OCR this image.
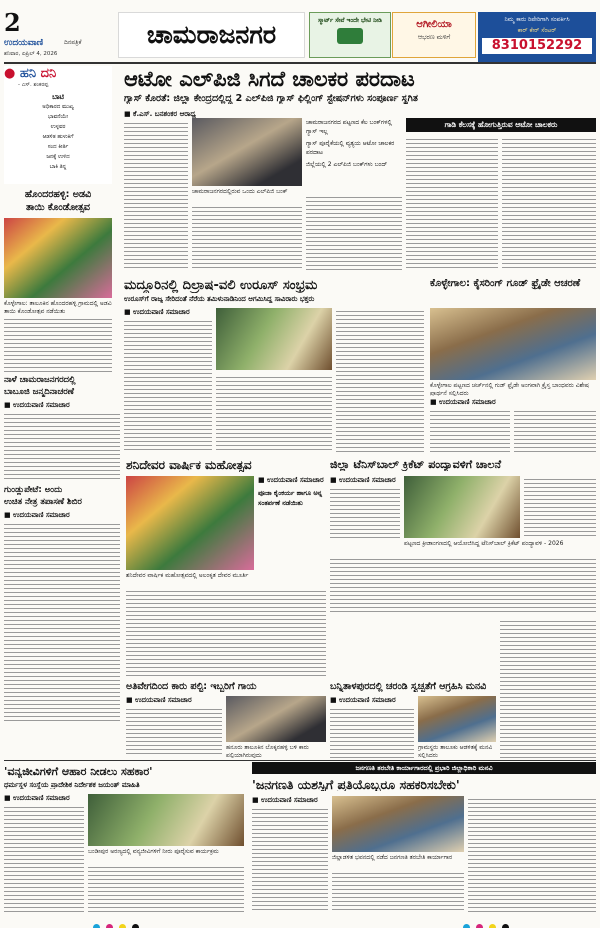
2
ಉದಯವಾಣಿ	ದಿನಪತ್ರಿಕೆ
ಶನಿವಾರ, ಏಪ್ರಿಲ್ 4, 2026
ಚಾಮರಾಜನಗರ	ಸ್ಮಾರ್ಟ್ ಸೇವೆ ಇಂದೇ ಭೇಟಿ ನೀಡಿ	ಆಗೀಲಿಯಾ
ಆಭರಣ ಮಳಿಗೆ
ನಿಮ್ಮ ಕಾರು ರಿಪೇರಿಗಾಗಿ ಸಂಪರ್ಕಿಸಿ
ಕಾರ್ ಕೇರ್ ಸೆಂಟರ್
8310152292
● ಹನಿ ದನಿ
- ಎಸ್. ಶಂಕರಪ್ಪ
ಬಾಟಿ
ಅಧಿಕಾರದ ಮುಖ್ಯ
ಭಾವನೆಯೇ
ಉಳ್ಳವರ
ಆಡಳಿತ ಹುಳುಕಿಗೆ
ಸಂದ ಕೀರ್ತಿ
ಜನಕ್ಕೆ ಉಳಿದ
ಬಾಕಿ ತಿನ್ನ
ಹೊಂದರಹಳ್ಳಿ: ಅಡವಿ
ತಾಯಿ ಕೊಂಡೋತ್ಸವ
ಕೊಳ್ಳೇಗಾಲ: ತಾಲೂಕಿನ ಹೊಂದರಹಳ್ಳಿ ಗ್ರಾಮದಲ್ಲಿ ಅಡವಿ ತಾಯಿ ಕೊಂಡೋತ್ಸವ ನಡೆಯಿತು
ನಾಳೆ ಚಾಮರಾಜನಗರದಲ್ಲಿ
ಬಾಬೂಜಿ ಜನ್ಮದಿನಾಚರಣೆ
■ ಉದಯವಾಣಿ ಸಮಾಚಾರ
ಶನಿದೇವರ ವಾರ್ಷಿಕ ಮಹೋತ್ಸವ
■ ಉದಯವಾಣಿ ಸಮಾಚಾರ
ಪೂಜಾ ಕೈಂಕರ್ಯ ಹಾಗೂ ಅನ್ನ ಸಂತರ್ಪಣೆ ನಡೆಯಿತು
ಶನಿದೇವರ ವಾರ್ಷಿಕ ಮಹೋತ್ಸವದಲ್ಲಿ ಅಲಂಕೃತ ದೇವರ ಮೂರ್ತಿ
ಗುಂಡ್ಲುಪೇಟೆ: ಅಂದು
ಉಚಿತ ನೇತ್ರ ತಪಾಸಣೆ ಶಿಬಿರ
■ ಉದಯವಾಣಿ ಸಮಾಚಾರ
ಆಟೋ ಎಲ್‌ಪಿಜಿ ಸಿಗದೆ ಚಾಲಕರ ಪರದಾಟ
ಗ್ಯಾಸ್ ಕೊರತೆ: ಜಿಲ್ಲಾ ಕೇಂದ್ರದಲ್ಲಿದ್ದ 2 ಎಲ್‌ಪಿಜಿ ಗ್ಯಾಸ್ ಫಿಲ್ಲಿಂಗ್ ಸ್ಟೇಷನ್‌ಗಳು ಸಂಪೂರ್ಣ ಸ್ಥಗಿತ
■ ಕೆ.ಎಸ್. ಬನಶಂಕರ ಆರಾಧ್ಯ
ಚಾಮರಾಜನಗರದಲ್ಲಿರುವ ಒಂದು ಎಲ್‌ಪಿಜಿ ಬಂಕ್
ಚಾಮರಾಜನಗರದ ಪಟ್ಟಣದ ಕೆಲ ಬಂಕ್‌ಗಳಲ್ಲಿ ಗ್ಯಾಸ್ ಇಲ್ಲ
ಗ್ಯಾಸ್ ಪೂರೈಕೆಯಲ್ಲಿ ವ್ಯತ್ಯಯ ಆಟೋ ಚಾಲಕರ ಪರದಾಟ
ಜಿಲ್ಲೆಯಲ್ಲಿ 2 ಎಲ್‌ಪಿಜಿ ಬಂಕ್‌ಗಳು ಬಂದ್
ಗಾಡಿ ಕೆಲಸಕ್ಕೆ ಹೋಗುತ್ತಿರುವ ಆಟೋ ಚಾಲಕರು
ಮದ್ದೂರಿನಲ್ಲಿ ದಿಲ್ರಾಷ-ವಲಿ ಉರೂಸ್ ಸಂಭ್ರಮ
ಉರೂಸ್‌ಗೆ ರಾಜ್ಯ ಸೇರಿದಂತೆ ನೆರೆಯ ತಮಿಳುನಾಡಿನಿಂದ ಆಗಮಿಸಿದ್ದ ಸಾವಿರಾರು ಭಕ್ತರು
■ ಉದಯವಾಣಿ ಸಮಾಚಾರ
ಕೊಳ್ಳೇಗಾಲ: ಕೈಸರಿಂಗ್ ಗೂಡ್ ಫ್ರೈಡೇ ಆಚರಣೆ
ಕೊಳ್ಳೇಗಾಲ ಪಟ್ಟಣದ ಚರ್ಚ್‌ನಲ್ಲಿ ಗುಡ್ ಫ್ರೈಡೇ ಅಂಗವಾಗಿ ಕ್ರೈಸ್ತ ಬಾಂಧವರು ವಿಶೇಷ ಪ್ರಾರ್ಥನೆ ಸಲ್ಲಿಸಿದರು
■ ಉದಯವಾಣಿ ಸಮಾಚಾರ
ಜಿಲ್ಲಾ ಟೆನಿಸ್‌ಬಾಲ್ ಕ್ರಿಕೆಟ್ ಪಂದ್ಯಾವಳಿಗೆ ಚಾಲನೆ
■ ಉದಯವಾಣಿ ಸಮಾಚಾರ
ಪಟ್ಟಣದ ಕ್ರೀಡಾಂಗಣದಲ್ಲಿ ಆಯೋಜಿಸಿದ್ದ ಟೆನಿಸ್‌ಬಾಲ್ ಕ್ರಿಕೆಟ್ ಪಂದ್ಯಾವಳಿ - 2026
ಅತಿವೇಗದಿಂದ ಕಾರು ಪಲ್ಟಿ: ಇಬ್ಬರಿಗೆ ಗಾಯ
■ ಉದಯವಾಣಿ ಸಮಾಚಾರ
ಹನೂರು ತಾಲೂಕಿನ ಲೊಕ್ಕನಹಳ್ಳಿ ಬಳಿ ಕಾರು ಪಲ್ಟಿಯಾಗಿರುವುದು
ಬನ್ನಿತಾಳಪುರದಲ್ಲಿ ಚರಂಡಿ ಸ್ವಚ್ಛತೆಗೆ ಆಗ್ರಹಿಸಿ ಮನವಿ
■ ಉದಯವಾಣಿ ಸಮಾಚಾರ
ಗ್ರಾಮಸ್ಥರು ತಾಲೂಕು ಆಡಳಿತಕ್ಕೆ ಮನವಿ ಸಲ್ಲಿಸಿದರು
'ವನ್ಯಜೀವಿಗಳಿಗೆ ಆಹಾರ ನೀಡಲು ಸಹಕಾರ'
ಧರ್ಮಸ್ಥಳ ಸಂಸ್ಥೆಯ ಪ್ರಾದೇಶಿಕ ನಿರ್ದೇಶಕ ಜಯಂತ್ ಮಾಹಿತಿ
■ ಉದಯವಾಣಿ ಸಮಾಚಾರ
ಬಂಡೀಪುರ ಅರಣ್ಯದಲ್ಲಿ ವನ್ಯಜೀವಿಗಳಿಗೆ ನೀರು ಪೂರೈಸುವ ಕಾರ್ಯಕ್ರಮ
ಜನಗಣತಿ ತರಬೇತಿ ಕಾರ್ಯಾಗಾರದಲ್ಲಿ ಪ್ರಭಾರಿ ಜಿಲ್ಲಾಧಿಕಾರಿ ಮನವಿ
'ಜನಗಣತಿ ಯಶಸ್ಸಿಗೆ ಪ್ರತಿಯೊಬ್ಬರೂ ಸಹಕರಿಸಬೇಕು'
■ ಉದಯವಾಣಿ ಸಮಾಚಾರ
ಜಿಲ್ಲಾಡಳಿತ ಭವನದಲ್ಲಿ ನಡೆದ ಜನಗಣತಿ ತರಬೇತಿ ಕಾರ್ಯಾಗಾರ
